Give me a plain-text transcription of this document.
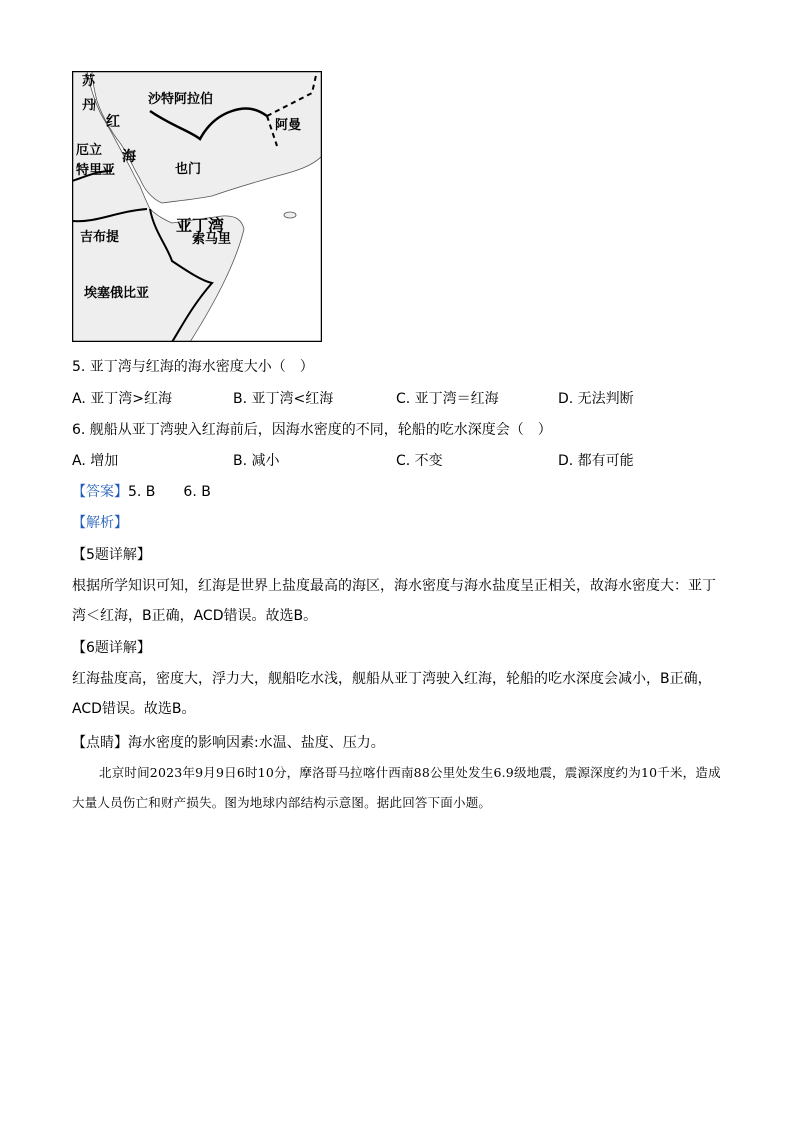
苏
丹	沙特阿拉伯
红
海
阿曼
厄立
特里亚	也门
亚丁湾
吉布提	索马里
埃塞俄比亚
5. 亚丁湾与红海的海水密度大小（　）
A. 亚丁湾>红海	B. 亚丁湾<红海	C. 亚丁湾＝红海	D. 无法判断
6. 舰船从亚丁湾驶入红海前后，因海水密度的不同，轮船的吃水深度会（　）
A. 增加	B. 减小	C. 不变	D. 都有可能
【答案】5. B　　6. B
【解析】
【5题详解】
根据所学知识可知，红海是世界上盐度最高的海区，海水密度与海水盐度呈正相关，故海水密度大：亚丁湾＜红海，B正确，ACD错误。故选B。
【6题详解】
红海盐度高，密度大，浮力大，舰船吃水浅，舰船从亚丁湾驶入红海，轮船的吃水深度会减小，B正确，ACD错误。故选B。
【点睛】海水密度的影响因素:水温、盐度、压力。
北京时间2023年9月9日6时10分，摩洛哥马拉喀什西南88公里处发生6.9级地震，震源深度约为10千米，造成大量人员伤亡和财产损失。图为地球内部结构示意图。据此回答下面小题。
